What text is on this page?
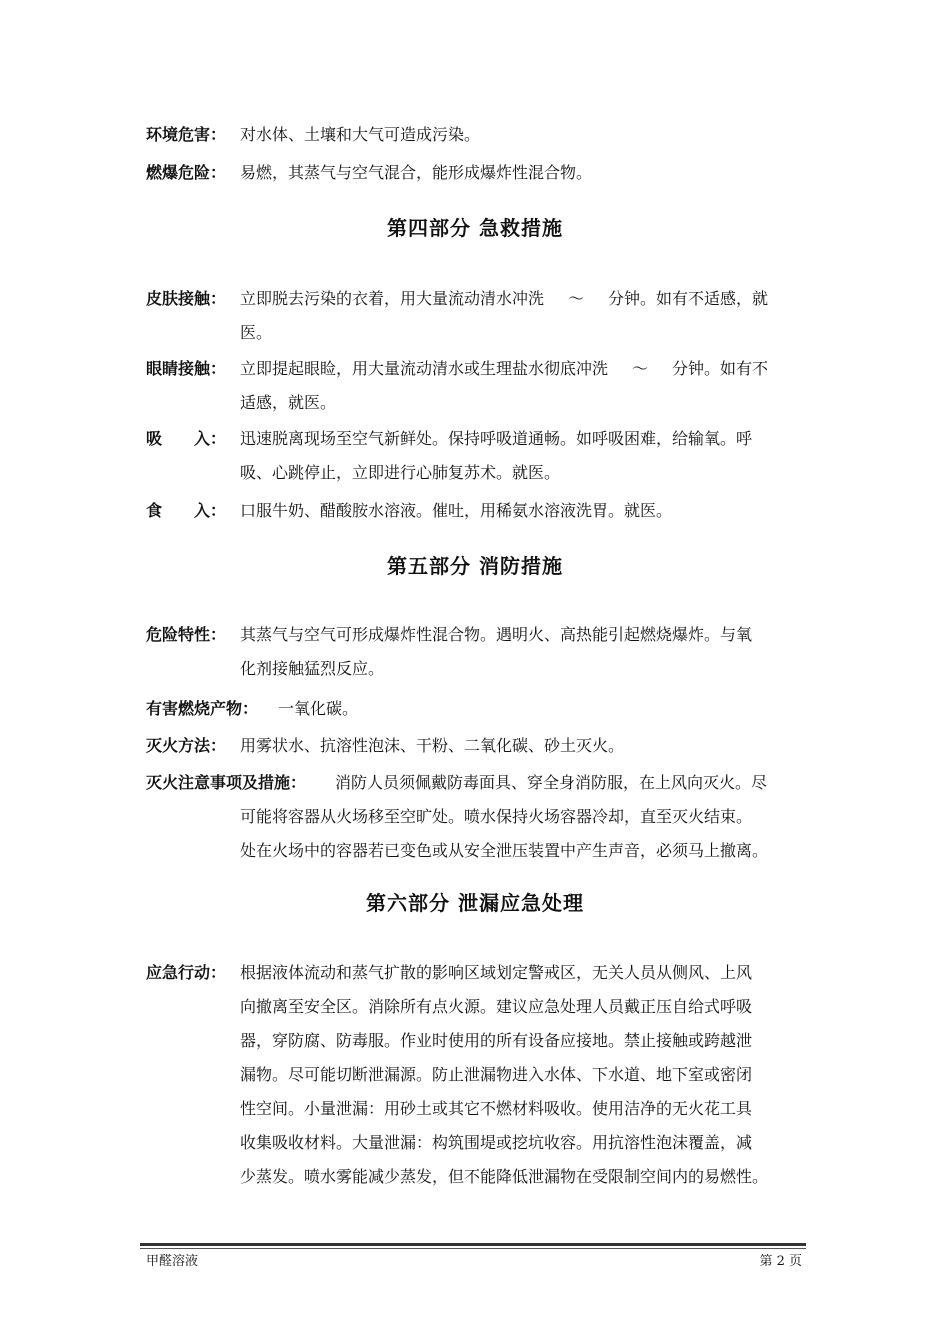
环境危害： 对水体、土壤和大气可造成污染。
燃爆危险： 易燃，其蒸气与空气混合，能形成爆炸性混合物。
第四部分 急救措施
皮肤接触： 立即脱去污染的衣着，用大量流动清水冲洗 ～ 分钟。如有不适感，就
医。
眼睛接触： 立即提起眼睑，用大量流动清水或生理盐水彻底冲洗 ～ 分钟。如有不
适感，就医。
吸　　入： 迅速脱离现场至空气新鲜处。保持呼吸道通畅。如呼吸困难，给输氧。呼
吸、心跳停止，立即进行心肺复苏术。就医。
食　　入： 口服牛奶、醋酸胺水溶液。催吐，用稀氨水溶液洗胃。就医。
第五部分 消防措施
危险特性： 其蒸气与空气可形成爆炸性混合物。遇明火、高热能引起燃烧爆炸。与氧
化剂接触猛烈反应。
有害燃烧产物： 一氧化碳。
灭火方法： 用雾状水、抗溶性泡沫、干粉、二氧化碳、砂土灭火。
灭火注意事项及措施： 消防人员须佩戴防毒面具、穿全身消防服，在上风向灭火。尽
可能将容器从火场移至空旷处。喷水保持火场容器冷却，直至灭火结束。
处在火场中的容器若已变色或从安全泄压装置中产生声音，必须马上撤离。
第六部分 泄漏应急处理
应急行动： 根据液体流动和蒸气扩散的影响区域划定警戒区，无关人员从侧风、上风
向撤离至安全区。消除所有点火源。建议应急处理人员戴正压自给式呼吸
器，穿防腐、防毒服。作业时使用的所有设备应接地。禁止接触或跨越泄
漏物。尽可能切断泄漏源。防止泄漏物进入水体、下水道、地下室或密闭
性空间。小量泄漏：用砂土或其它不燃材料吸收。使用洁净的无火花工具
收集吸收材料。大量泄漏：构筑围堤或挖坑收容。用抗溶性泡沫覆盖，减
少蒸发。喷水雾能减少蒸发，但不能降低泄漏物在受限制空间内的易燃性。
甲醛溶液	第 2 页
